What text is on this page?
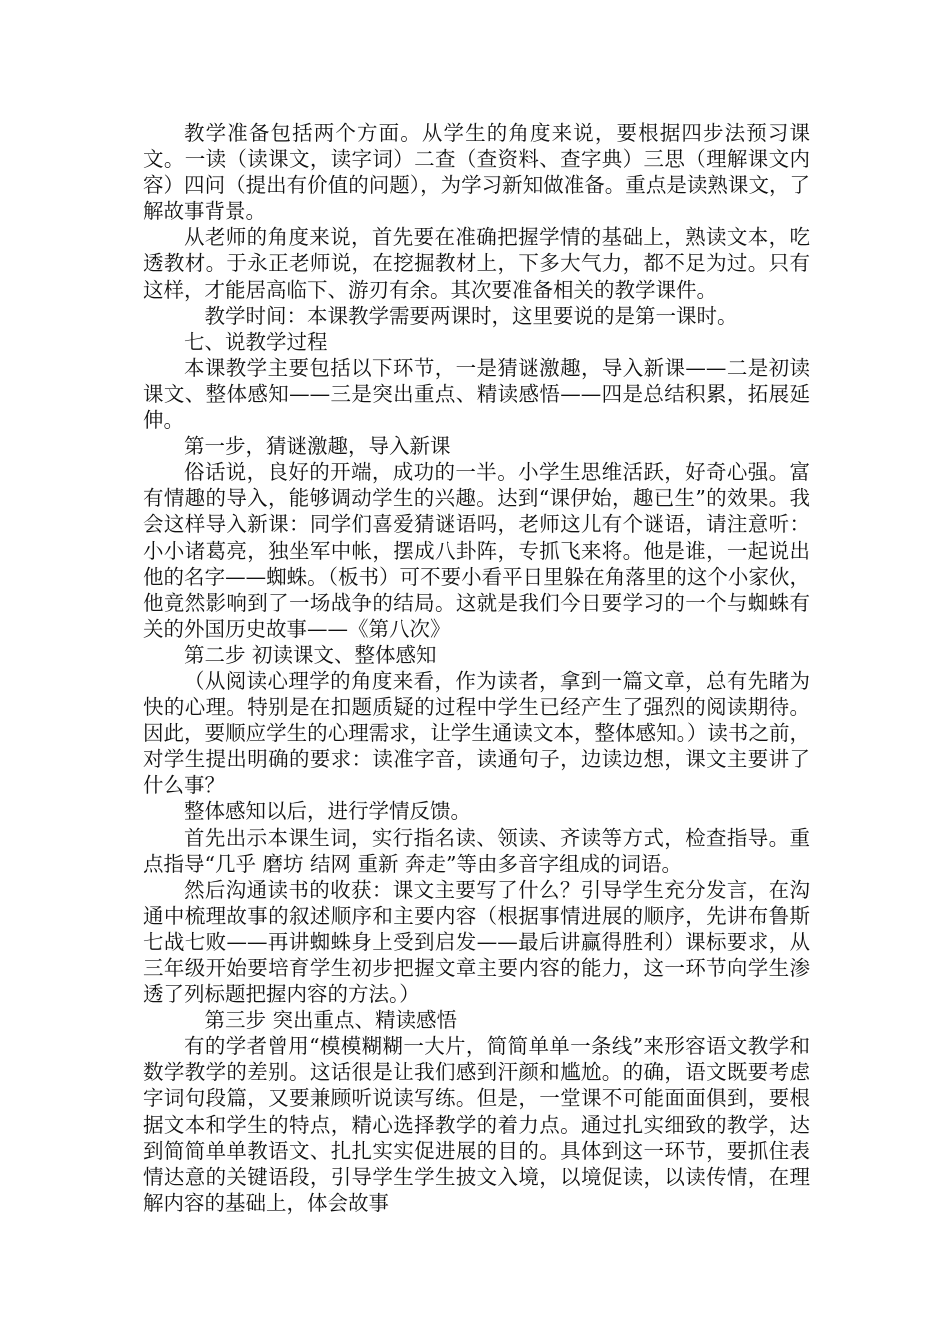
教学准备包括两个方面。从学生的角度来说，要根据四步法预习课文。一读（读课文，读字词）二查（查资料、查字典）三思（理解课文内容）四问（提出有价值的问题），为学习新知做准备。重点是读熟课文，了解故事背景。

从老师的角度来说，首先要在准确把握学情的基础上，熟读文本，吃透教材。于永正老师说，在挖掘教材上，下多大气力，都不足为过。只有这样，才能居高临下、游刃有余。其次要准备相关的教学课件。

教学时间：本课教学需要两课时，这里要说的是第一课时。

七、说教学过程

本课教学主要包括以下环节，一是猜谜激趣，导入新课——二是初读课文、整体感知——三是突出重点、精读感悟——四是总结积累，拓展延伸。

第一步，猜谜激趣，导入新课

俗话说，良好的开端，成功的一半。小学生思维活跃，好奇心强。富有情趣的导入，能够调动学生的兴趣。达到“课伊始，趣已生”的效果。我会这样导入新课：同学们喜爱猜谜语吗，老师这儿有个谜语，请注意听：小小诸葛亮，独坐军中帐，摆成八卦阵，专抓飞来将。他是谁，一起说出他的名字——蜘蛛。（板书）可不要小看平日里躲在角落里的这个小家伙，他竟然影响到了一场战争的结局。这就是我们今日要学习的一个与蜘蛛有关的外国历史故事——《第八次》

第二步 初读课文、整体感知

（从阅读心理学的角度来看，作为读者，拿到一篇文章，总有先睹为快的心理。特别是在扣题质疑的过程中学生已经产生了强烈的阅读期待。因此，要顺应学生的心理需求，让学生通读文本，整体感知。）读书之前，对学生提出明确的要求：读准字音，读通句子，边读边想，课文主要讲了什么事？

整体感知以后，进行学情反馈。

首先出示本课生词，实行指名读、领读、齐读等方式，检查指导。重点指导“几乎 磨坊 结网 重新 奔走”等由多音字组成的词语。

然后沟通读书的收获：课文主要写了什么？引导学生充分发言，在沟通中梳理故事的叙述顺序和主要内容（根据事情进展的顺序，先讲布鲁斯七战七败——再讲蜘蛛身上受到启发——最后讲赢得胜利）课标要求，从三年级开始要培育学生初步把握文章主要内容的能力，这一环节向学生渗透了列标题把握内容的方法。）

第三步 突出重点、精读感悟

有的学者曾用“模模糊糊一大片，简简单单一条线”来形容语文教学和数学教学的差别。这话很是让我们感到汗颜和尴尬。的确，语文既要考虑字词句段篇，又要兼顾听说读写练。但是，一堂课不可能面面俱到，要根据文本和学生的特点，精心选择教学的着力点。通过扎实细致的教学，达到简简单单教语文、扎扎实实促进展的目的。具体到这一环节，要抓住表情达意的关键语段，引导学生学生披文入境，以境促读，以读传情，在理解内容的基础上，体会故事
